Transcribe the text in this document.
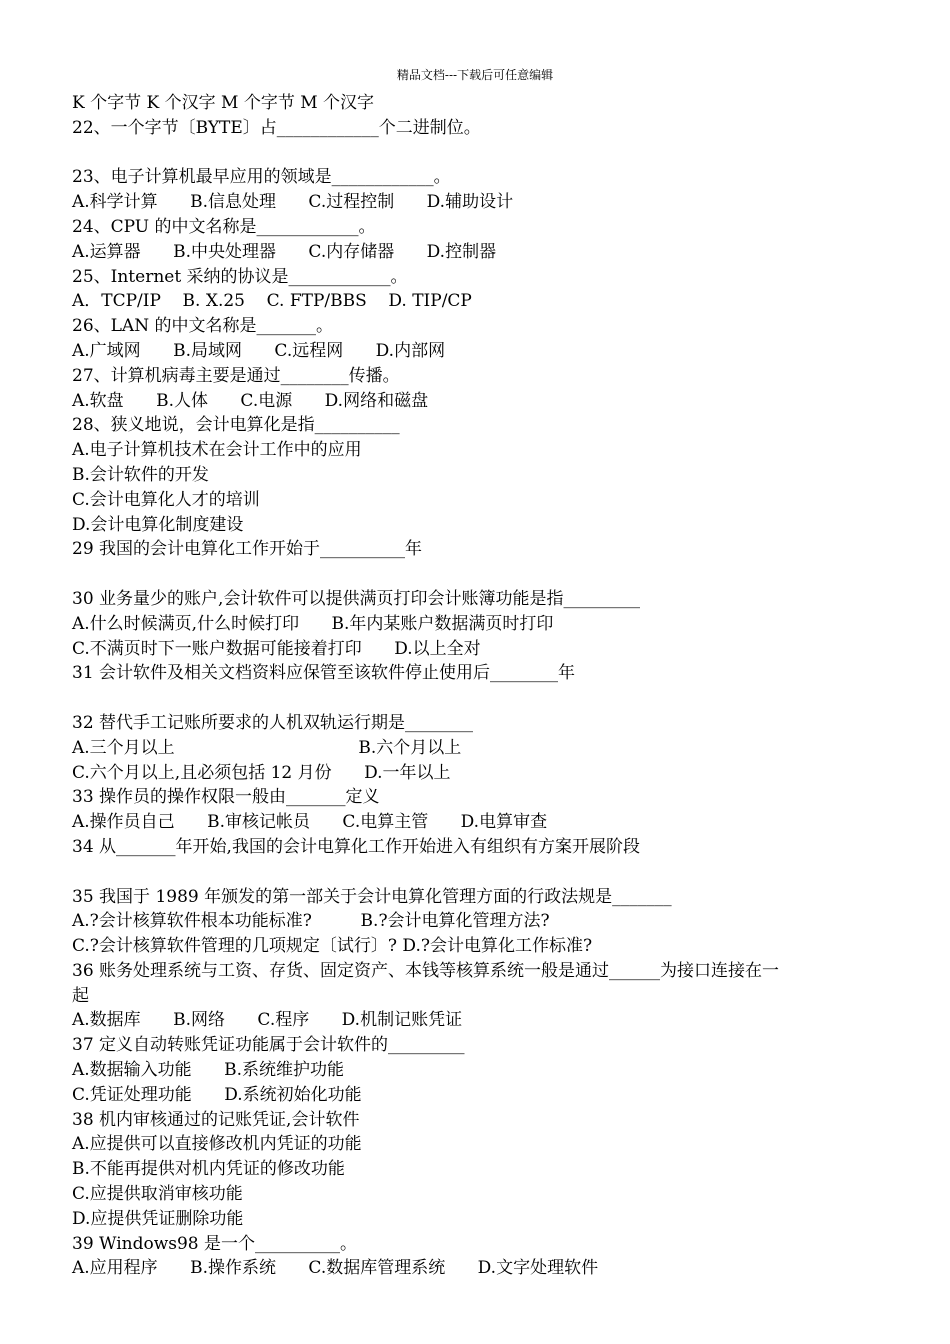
精品文档---下载后可任意编辑
K 个字节 K 个汉字 M 个字节 M 个汉字
22、一个字节〔BYTE〕占____________个二进制位。
23、电子计算机最早应用的领域是____________。
A.科学计算      B.信息处理      C.过程控制      D.辅助设计
24、CPU 的中文名称是____________。
A.运算器      B.中央处理器      C.内存储器      D.控制器
25、Internet 采纳的协议是____________。
A．TCP/IP    B. X.25    C. FTP/BBS    D. TIP/CP
26、LAN 的中文名称是_______。
A.广域网      B.局域网      C.远程网      D.内部网
27、计算机病毒主要是通过________传播。
A.软盘      B.人体      C.电源      D.网络和磁盘
28、狭义地说，会计电算化是指__________
A.电子计算机技术在会计工作中的应用
B.会计软件的开发
C.会计电算化人才的培训
D.会计电算化制度建设
29 我国的会计电算化工作开始于__________年
30 业务量少的账户,会计软件可以提供满页打印会计账簿功能是指_________
A.什么时候满页,什么时候打印      B.年内某账户数据满页时打印
C.不满页时下一账户数据可能接着打印      D.以上全对
31 会计软件及相关文档资料应保管至该软件停止使用后________年
32 替代手工记账所要求的人机双轨运行期是________
A.三个月以上                                  B.六个月以上
C.六个月以上,且必须包括 12 月份      D.一年以上
33 操作员的操作权限一般由_______定义
A.操作员自己      B.审核记帐员      C.电算主管      D.电算审查
34 从_______年开始,我国的会计电算化工作开始进入有组织有方案开展阶段
35 我国于 1989 年颁发的第一部关于会计电算化管理方面的行政法规是_______
A.?会计核算软件根本功能标准?         B.?会计电算化管理方法?
C.?会计核算软件管理的几项规定〔试行〕? D.?会计电算化工作标准?
36 账务处理系统与工资、存货、固定资产、本钱等核算系统一般是通过______为接口连接在一
起
A.数据库      B.网络      C.程序      D.机制记账凭证
37 定义自动转账凭证功能属于会计软件的_________
A.数据输入功能      B.系统维护功能
C.凭证处理功能      D.系统初始化功能
38 机内审核通过的记账凭证,会计软件
A.应提供可以直接修改机内凭证的功能
B.不能再提供对机内凭证的修改功能
C.应提供取消审核功能
D.应提供凭证删除功能
39 Windows98 是一个__________。
A.应用程序      B.操作系统      C.数据库管理系统      D.文字处理软件
